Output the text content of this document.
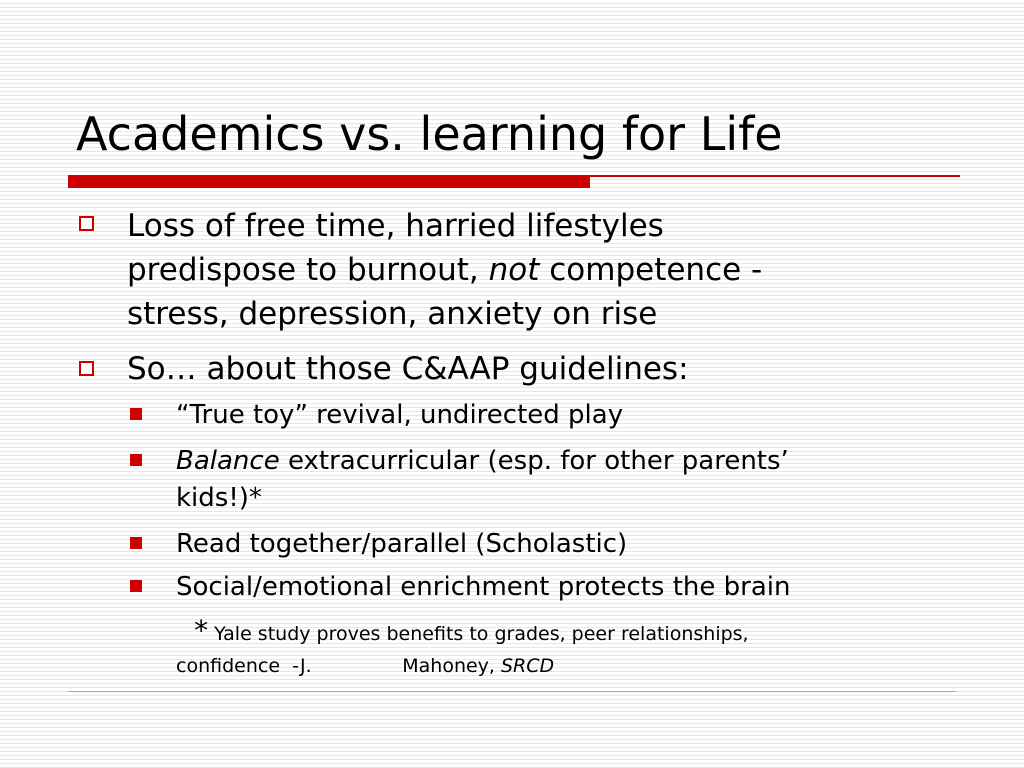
Academics vs. learning for Life
Loss of free time, harried lifestyles
predispose to burnout, not competence -
stress, depression, anxiety on rise
So… about those C&AAP guidelines:
“True toy” revival, undirected play
Balance extracurricular (esp. for other parents’
kids!)*
Read together/parallel (Scholastic)
Social/emotional enrichment protects the brain
* Yale study proves benefits to grades, peer relationships,
confidence  -J.               Mahoney, SRCD
